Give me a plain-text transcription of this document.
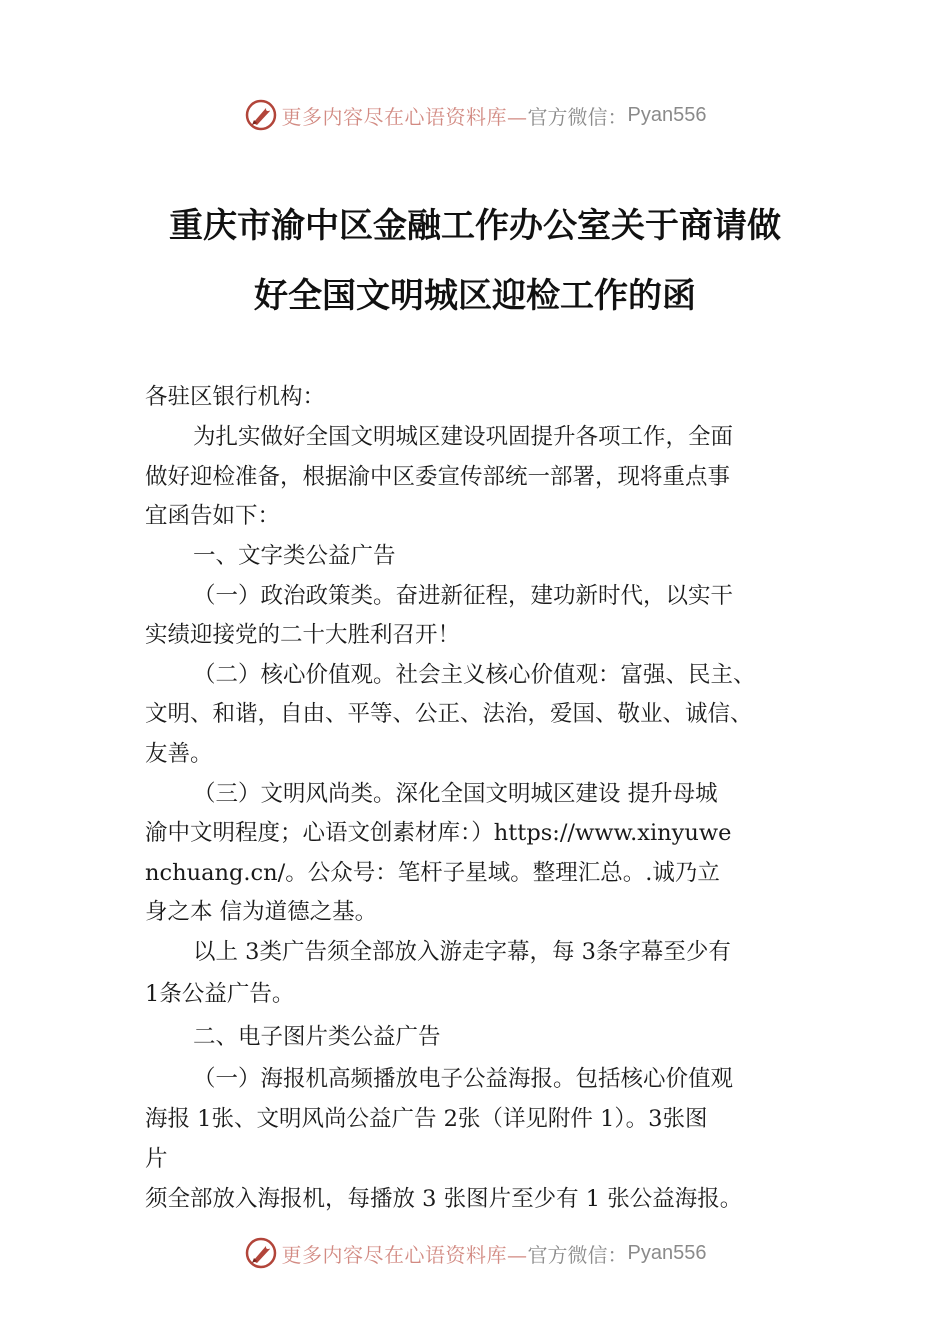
更多内容尽在心语资料库— 官方微信： Pyan556
重庆市渝中区金融工作办公室关于商请做
好全国文明城区迎检工作的函
各驻区银行机构：
为扎实做好全国文明城区建设巩固提升各项工作，全面
做好迎检准备，根据渝中区委宣传部统一部署，现将重点事
宜函告如下：
一、文字类公益广告
（一）政治政策类。奋进新征程，建功新时代，以实干
实绩迎接党的二十大胜利召开！
（二）核心价值观。社会主义核心价值观：富强、民主、
文明、和谐，自由、平等、公正、法治，爱国、敬业、诚信、
友善。
（三）文明风尚类。深化全国文明城区建设 提升母城
渝中文明程度；心语文创素材库：）https://www.xinyuwe
nchuang.cn/。公众号：笔杆子星域。整理汇总。.诚乃立
身之本 信为道德之基。
以上 3类广告须全部放入游走字幕，每 3条字幕至少有
1条公益广告。
二、电子图片类公益广告
（一）海报机高频播放电子公益海报。包括核心价值观
海报 1张、文明风尚公益广告 2张（详见附件 1）。3张图
片
须全部放入海报机，每播放 3 张图片至少有 1 张公益海报。
更多内容尽在心语资料库— 官方微信： Pyan556
